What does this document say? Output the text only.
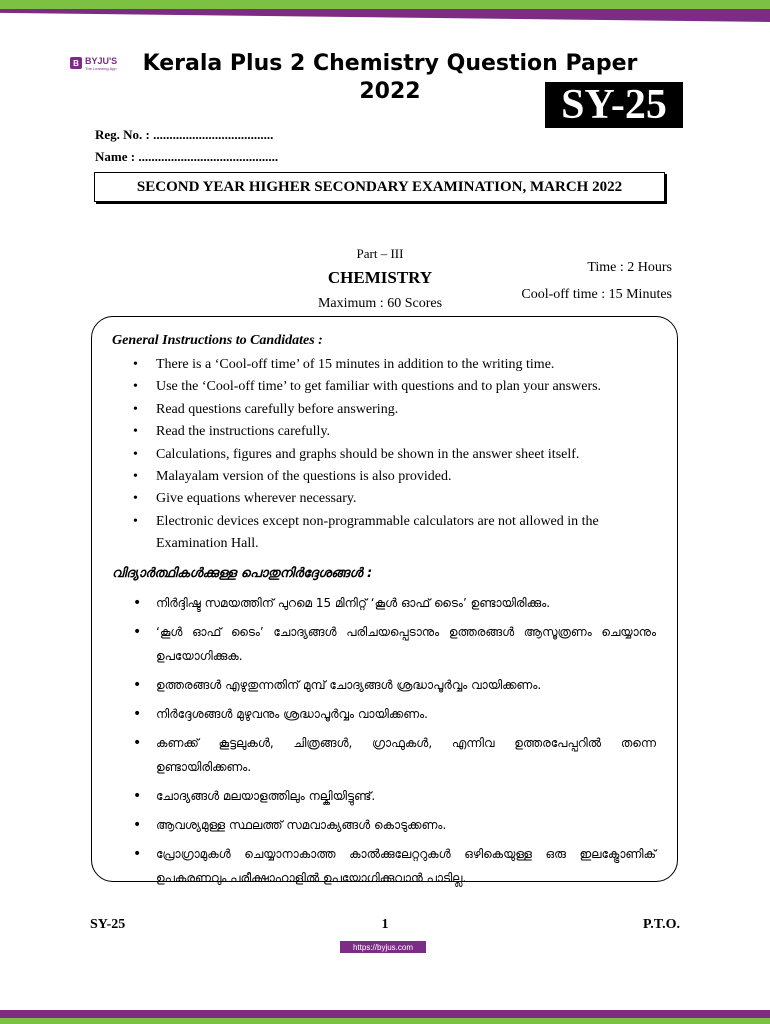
B BYJU'S
The Learning App	Kerala Plus 2 Chemistry Question Paper 2022	SY-25
Reg. No. : .....................................
Name : ...........................................
SECOND YEAR HIGHER SECONDARY EXAMINATION, MARCH 2022
Part – III
CHEMISTRY
Maximum : 60 Scores
Time : 2 Hours
Cool-off time : 15 Minutes
General Instructions to Candidates :
• There is a ‘Cool-off time’ of 15 minutes in addition to the writing time.
• Use the ‘Cool-off time’ to get familiar with questions and to plan your answers.
• Read questions carefully before answering.
• Read the instructions carefully.
• Calculations, figures and graphs should be shown in the answer sheet itself.
• Malayalam version of the questions is also provided.
• Give equations wherever necessary.
• Electronic devices except non-programmable calculators are not allowed in the Examination Hall.
വിദ്യാർത്ഥികൾക്കുള്ള പൊതുനിർദ്ദേശങ്ങൾ :
• നിർദ്ദിഷ്ട സമയത്തിന് പുറമെ 15 മിനിറ്റ് ‘കൂൾ ഓഫ് ടൈം’ ഉണ്ടായിരിക്കും.
• ‘കൂൾ ഓഫ് ടൈം’ ചോദ്യങ്ങൾ പരിചയപ്പെടാനും ഉത്തരങ്ങൾ ആസൂത്രണം ചെയ്യാനും ഉപയോഗിക്കുക.
• ഉത്തരങ്ങൾ എഴുതുന്നതിന് മുമ്പ് ചോദ്യങ്ങൾ ശ്രദ്ധാപൂർവ്വം വായിക്കണം.
• നിർദ്ദേശങ്ങൾ മുഴുവനും ശ്രദ്ധാപൂർവ്വം വായിക്കണം.
• കണക്ക് കൂട്ടലുകൾ, ചിത്രങ്ങൾ, ഗ്രാഫുകൾ, എന്നിവ ഉത്തരപേപ്പറിൽ തന്നെ ഉണ്ടായിരിക്കണം.
• ചോദ്യങ്ങൾ മലയാളത്തിലും നല്കിയിട്ടുണ്ട്.
• ആവശ്യമുള്ള സ്ഥലത്ത് സമവാക്യങ്ങൾ കൊടുക്കണം.
• പ്രോഗ്രാമുകൾ ചെയ്യാനാകാത്ത കാൽക്കുലേറ്ററുകൾ ഒഴികെയുള്ള ഒരു ഇലക്ട്രോണിക് ഉപകരണവും പരീക്ഷാഹാളിൽ ഉപയോഗിക്കുവാൻ പാടില്ല.
SY-25	1	P.T.O.
https://byjus.com
